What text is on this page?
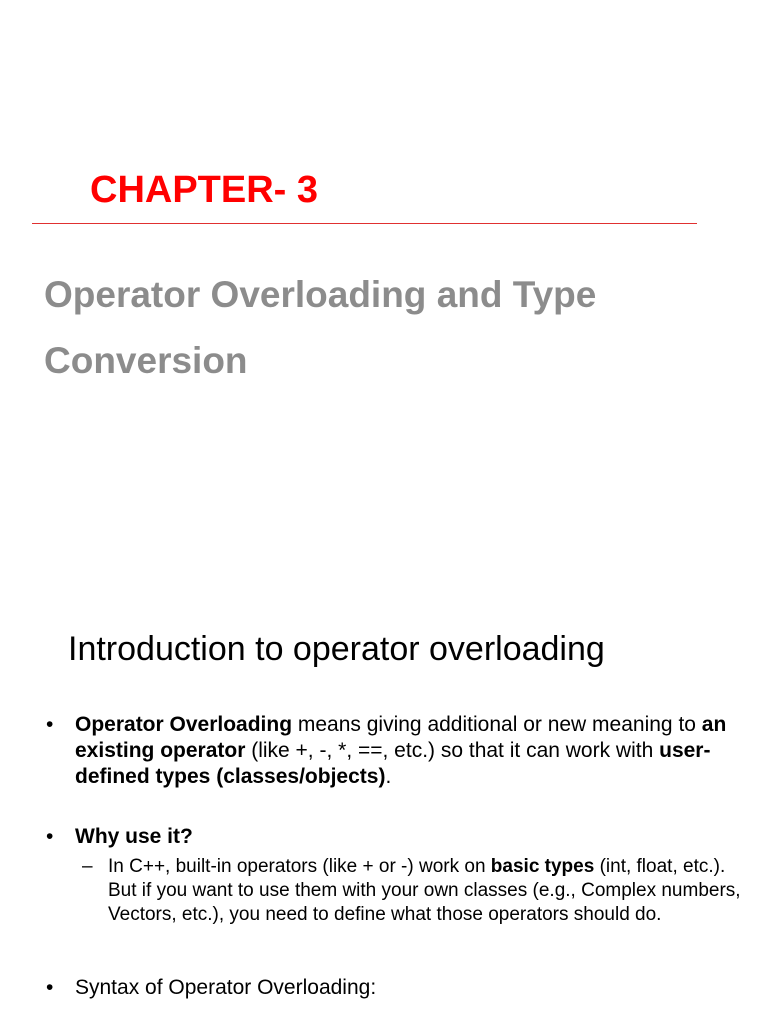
CHAPTER- 3
Operator Overloading and Type Conversion
Introduction to operator overloading
• Operator Overloading means giving additional or new meaning to an existing operator (like +, -, *, ==, etc.) so that it can work with user-defined types (classes/objects).
• Why use it?
– In C++, built-in operators (like + or -) work on basic types (int, float, etc.). But if you want to use them with your own classes (e.g., Complex numbers, Vectors, etc.), you need to define what those operators should do.
• Syntax of Operator Overloading:
